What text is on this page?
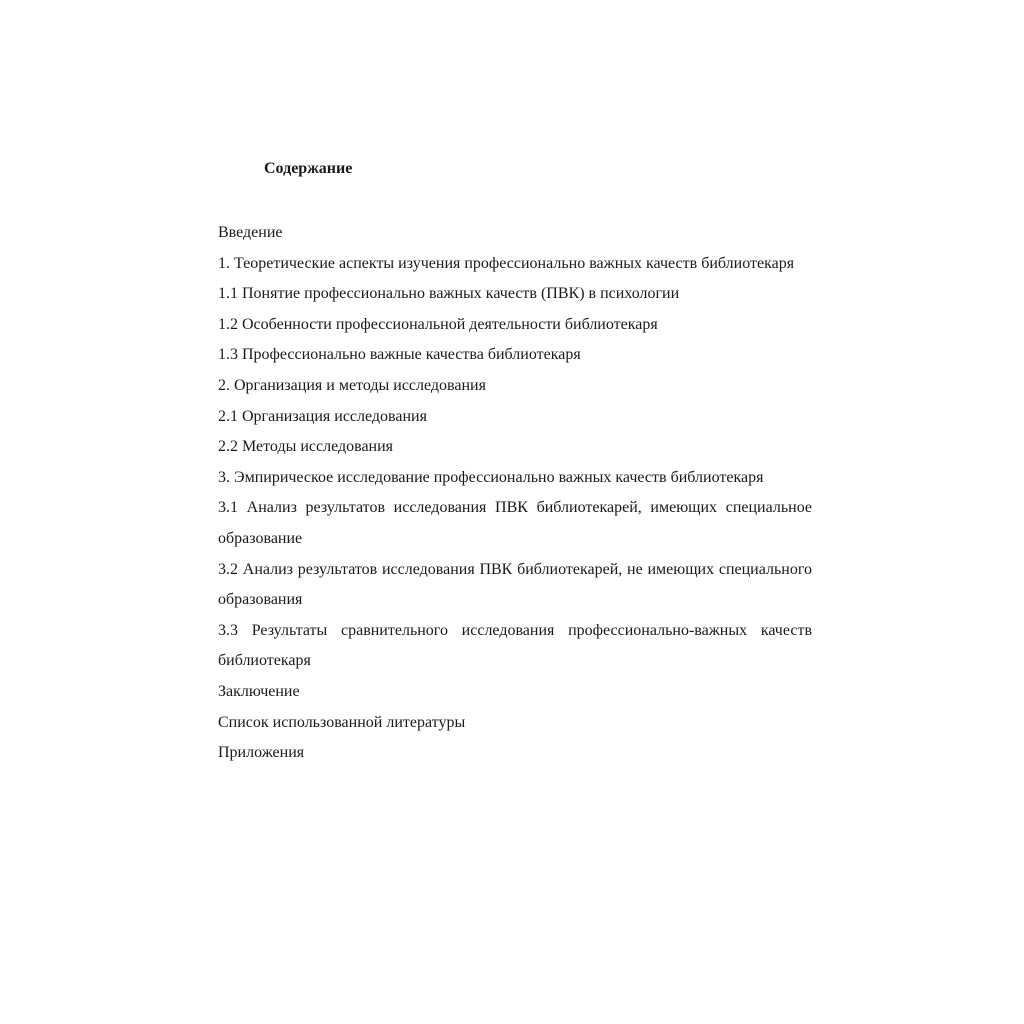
Содержание
Введение
1. Теоретические аспекты изучения профессионально важных качеств библиотекаря
1.1 Понятие профессионально важных качеств (ПВК) в психологии
1.2 Особенности профессиональной деятельности библиотекаря
1.3 Профессионально важные качества библиотекаря
2. Организация и методы исследования
2.1 Организация исследования
2.2 Методы исследования
3. Эмпирическое исследование профессионально важных качеств библиотекаря
3.1 Анализ результатов исследования ПВК библиотекарей, имеющих специальное образование
3.2 Анализ результатов исследования ПВК библиотекарей, не имеющих специального образования
3.3 Результаты сравнительного исследования профессионально-важных качеств библиотекаря
Заключение
Список использованной литературы
Приложения
